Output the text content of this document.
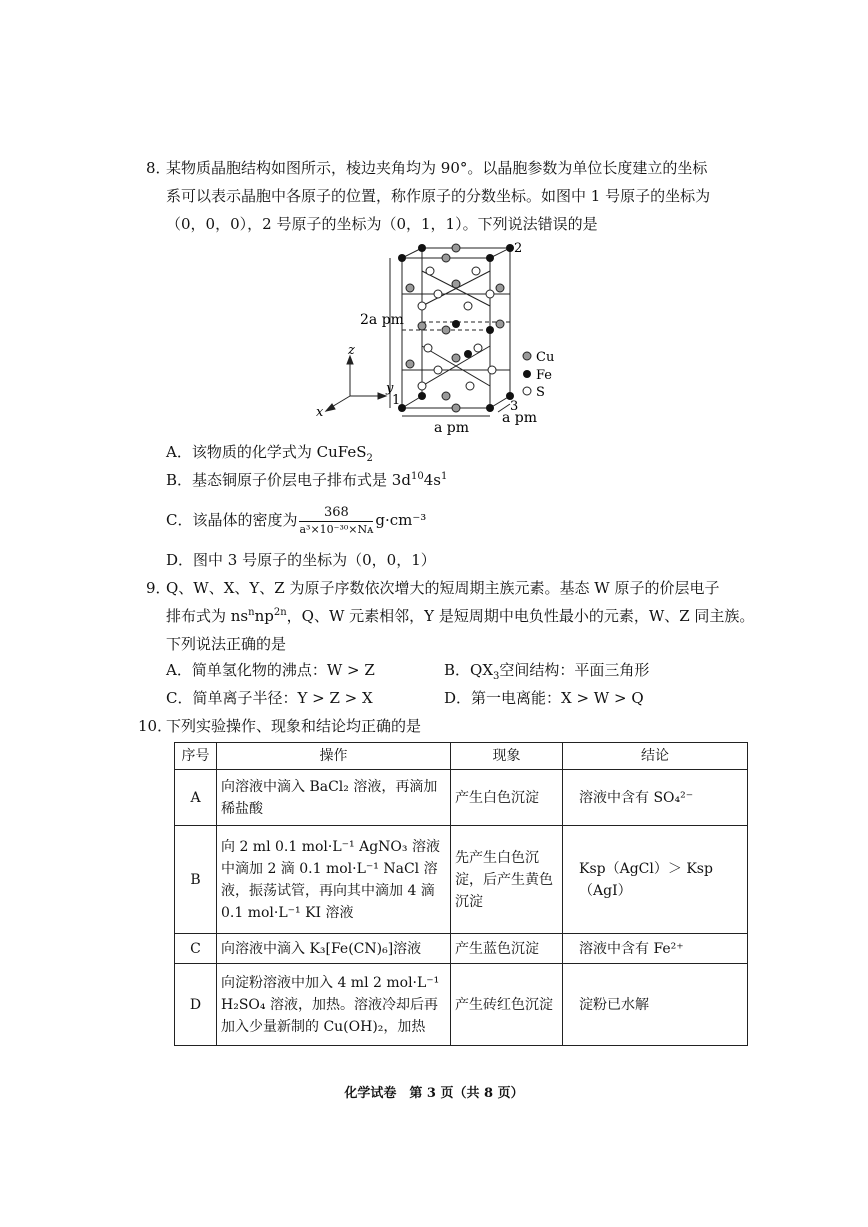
8．
某物质晶胞结构如图所示，棱边夹角均为 90°。以晶胞参数为单位长度建立的坐标
系可以表示晶胞中各原子的位置，称作原子的分数坐标。如图中 1 号原子的坐标为
（0，0，0），2 号原子的坐标为（0，1，1）。下列说法错误的是
2
1	3
2a pm
a pm
a pm
z
y
x
Cu
Fe
S
A．该物质的化学式为 CuFeS$_2$
B．基态铜原子价层电子排布式是 $3d^{10}4s^1$
C．该晶体的密度为 $\frac{368}{\text{a³×10⁻³⁰×Nᴀ}} g\cdot cm^{-3}$
D．图中 3 号原子的坐标为（0，0，1）
9．
Q、W、X、Y、Z 为原子序数依次增大的短周期主族元素。基态 W 原子的价层电子
排布式为 $ns^nnp^{2n}$，Q、W 元素相邻，Y 是短周期中电负性最小的元素，W、Z 同主族。
下列说法正确的是
A．简单氢化物的沸点：W > Z	B．$QX_3$空间结构：平面三角形
C．简单离子半径：Y > Z > X	D．第一电离能：X > W > Q
10．
下列实验操作、现象和结论均正确的是
序号	操作	现象	结论
A	向溶液中滴入 BaCl₂ 溶液，再滴加稀盐酸	产生白色沉淀	溶液中含有 SO₄²⁻
B	向 2 ml 0.1 mol·L⁻¹ AgNO₃ 溶液中滴加 2 滴 0.1 mol·L⁻¹ NaCl 溶液，振荡试管，再向其中滴加 4 滴 0.1 mol·L⁻¹ KI 溶液	先产生白色沉淀，后产生黄色沉淀	Ksp（AgCl）＞ Ksp（AgI）
C	向溶液中滴入 K₃[Fe(CN)₆]溶液	产生蓝色沉淀	溶液中含有 Fe²⁺
D	向淀粉溶液中加入 4 ml 2 mol·L⁻¹ H₂SO₄ 溶液，加热。溶液冷却后再加入少量新制的 Cu(OH)₂，加热	产生砖红色沉淀	淀粉已水解
化学试卷　第 3 页（共 8 页）
